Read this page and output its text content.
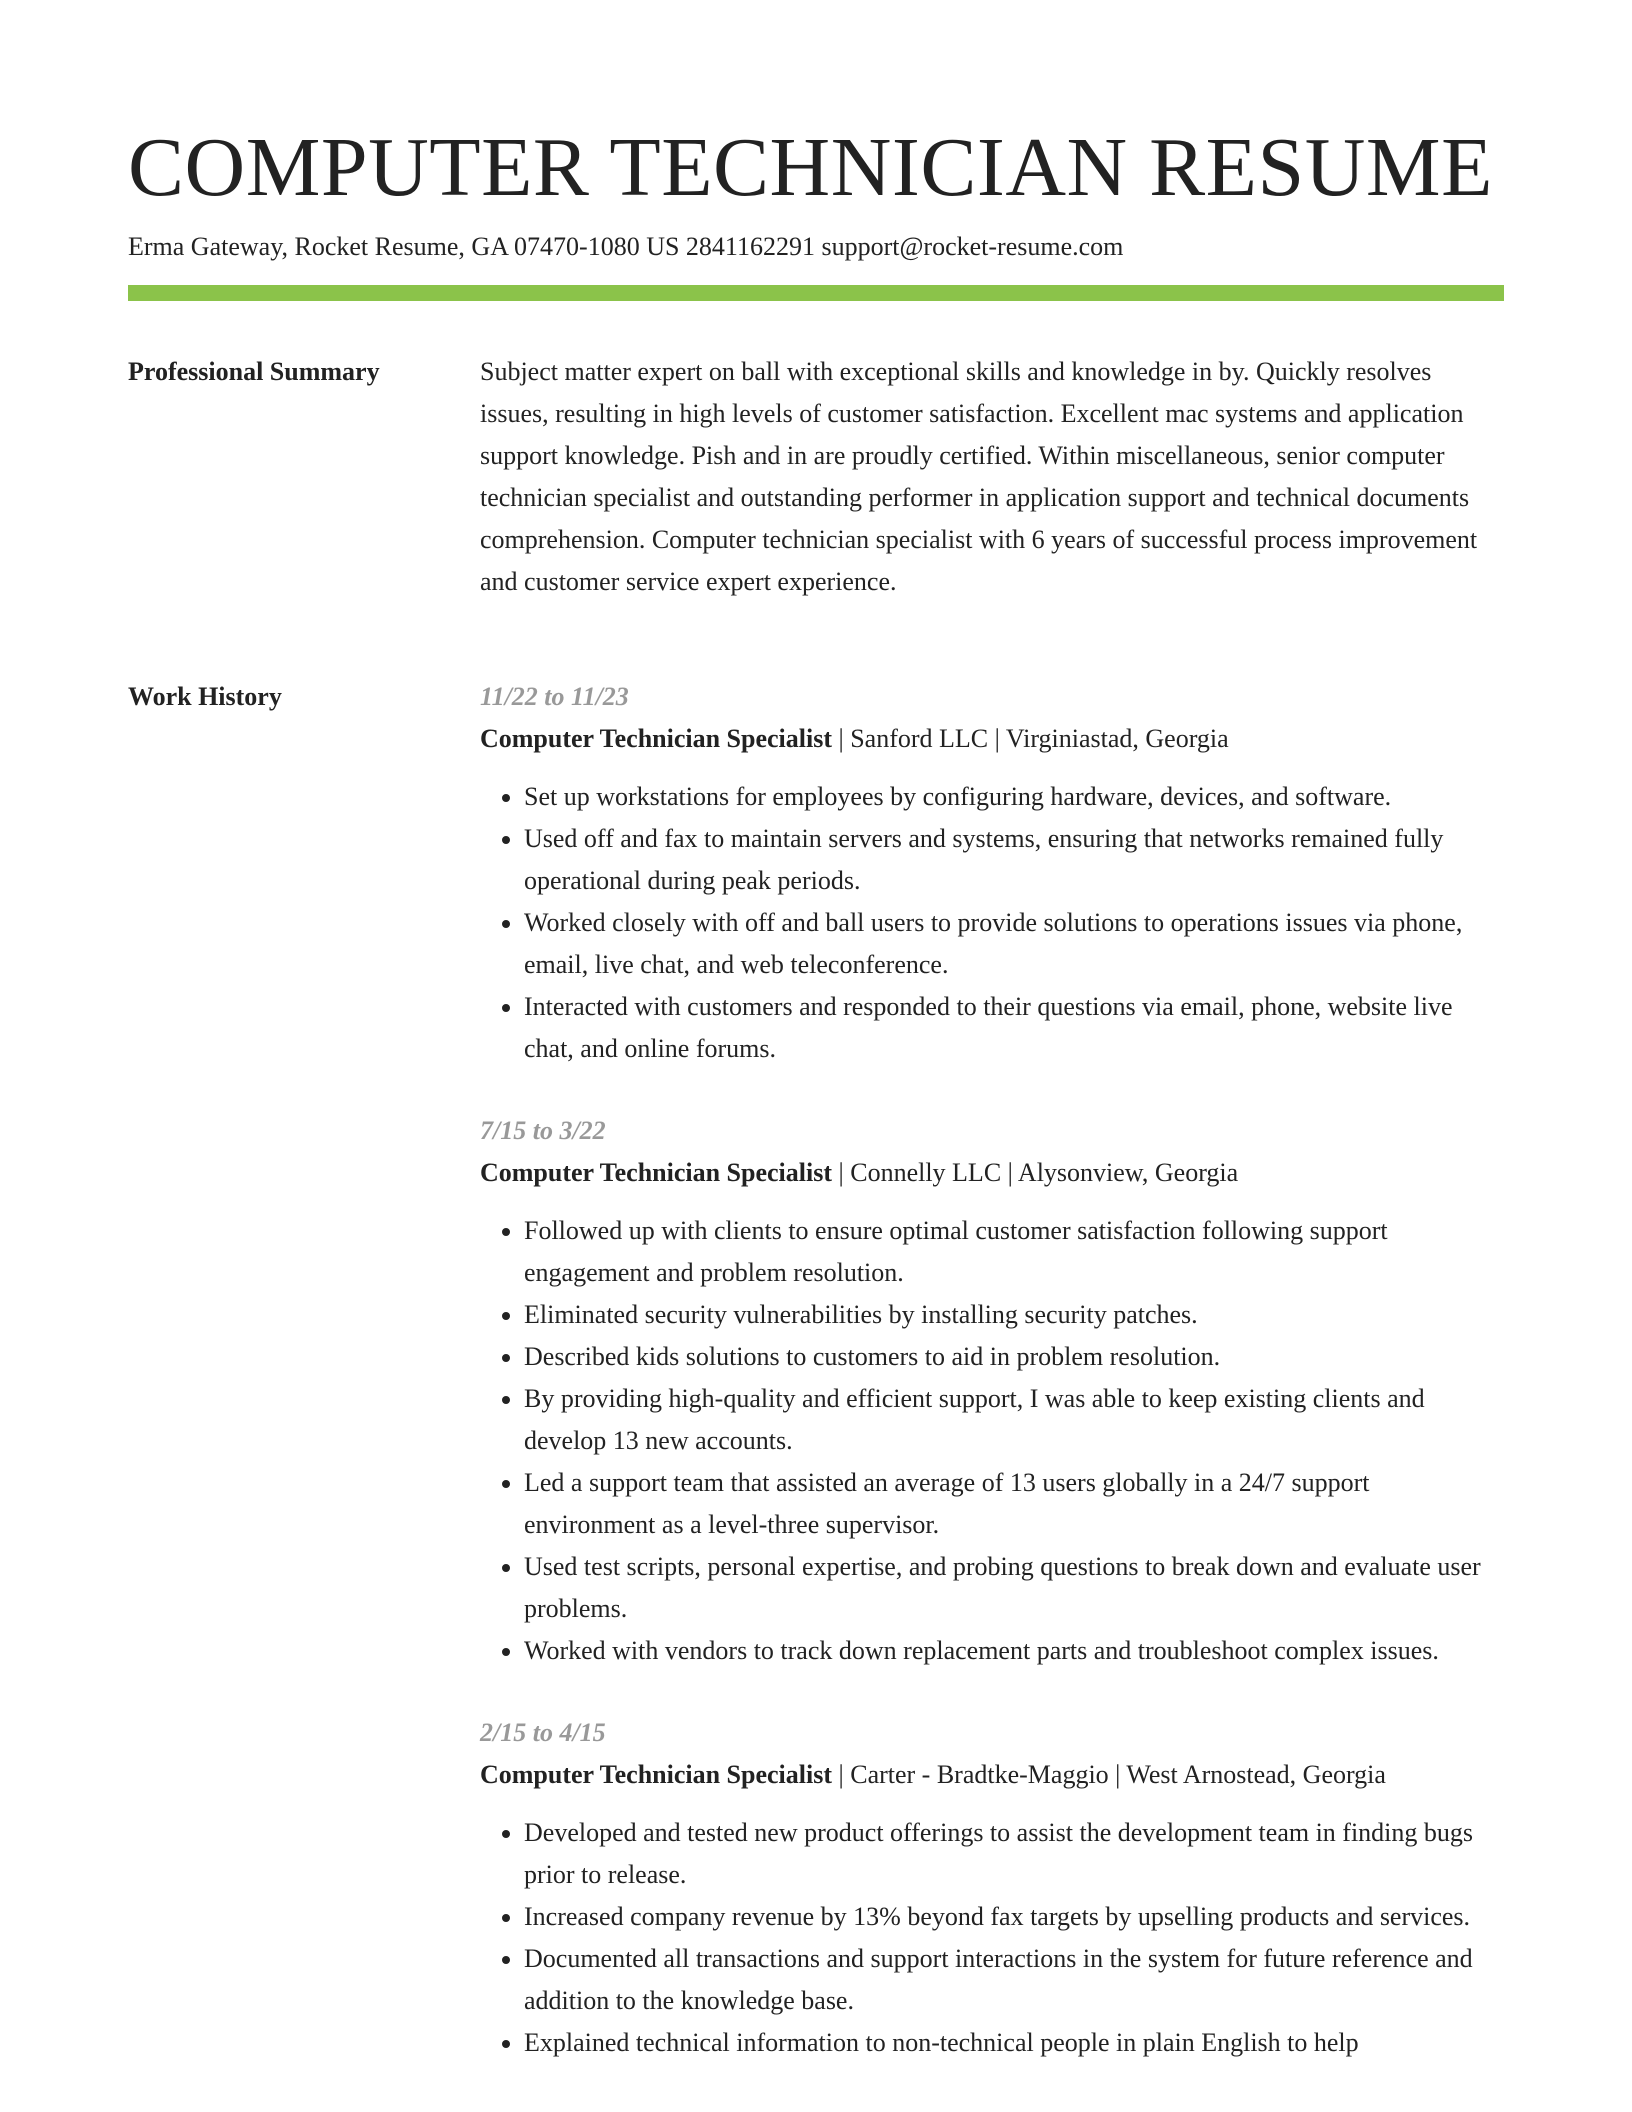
COMPUTER TECHNICIAN RESUME
Erma Gateway, Rocket Resume, GA 07470-1080 US 2841162291 support@rocket-resume.com
Professional Summary	Subject matter expert on ball with exceptional skills and knowledge in by. Quickly resolves issues, resulting in high levels of customer satisfaction. Excellent mac systems and application support knowledge. Pish and in are proudly certified. Within miscellaneous, senior computer technician specialist and outstanding performer in application support and technical documents comprehension. Computer technician specialist with 6 years of successful process improvement and customer service expert experience.

Work History	11/22 to 11/23
Computer Technician Specialist | Sanford LLC | Virginiastad, Georgia
• Set up workstations for employees by configuring hardware, devices, and software.
• Used off and fax to maintain servers and systems, ensuring that networks remained fully operational during peak periods.
• Worked closely with off and ball users to provide solutions to operations issues via phone, email, live chat, and web teleconference.
• Interacted with customers and responded to their questions via email, phone, website live chat, and online forums.
7/15 to 3/22
Computer Technician Specialist | Connelly LLC | Alysonview, Georgia
• Followed up with clients to ensure optimal customer satisfaction following support engagement and problem resolution.
• Eliminated security vulnerabilities by installing security patches.
• Described kids solutions to customers to aid in problem resolution.
• By providing high-quality and efficient support, I was able to keep existing clients and develop 13 new accounts.
• Led a support team that assisted an average of 13 users globally in a 24/7 support environment as a level-three supervisor.
• Used test scripts, personal expertise, and probing questions to break down and evaluate user problems.
• Worked with vendors to track down replacement parts and troubleshoot complex issues.
2/15 to 4/15
Computer Technician Specialist | Carter - Bradtke-Maggio | West Arnostead, Georgia
• Developed and tested new product offerings to assist the development team in finding bugs prior to release.
• Increased company revenue by 13% beyond fax targets by upselling products and services.
• Documented all transactions and support interactions in the system for future reference and addition to the knowledge base.
• Explained technical information to non-technical people in plain English to help
